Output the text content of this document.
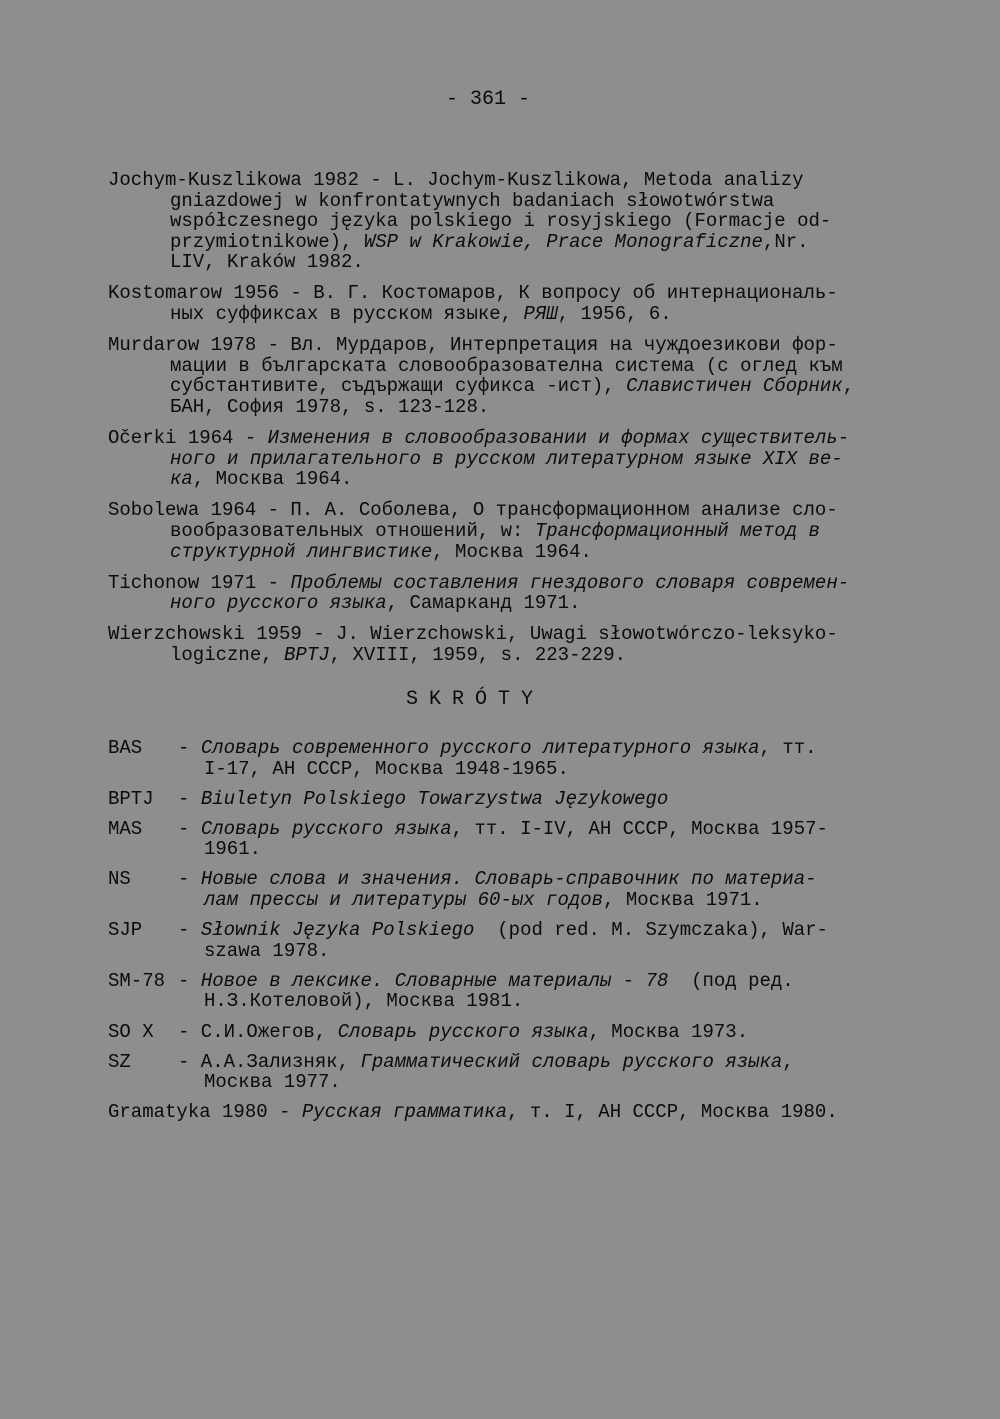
- 361 -
Jochym-Kuszlikowa 1982 - L. Jochym-Kuszlikowa, Metoda analizy
gniazdowej w konfrontatywnych badaniach słowotwórstwa
współczesnego języka polskiego i rosyjskiego (Formacje od-
przymiotnikowe), WSP w Krakowie, Prace Monograficzne,Nr.
LIV, Kraków 1982.
Kostomarow 1956 - В. Г. Костомаров, К вопросу об интернациональ-
ных суффиксах в русском языке, РЯШ, 1956, 6.
Murdarow 1978 - Вл. Мурдаров, Интерпретация на чуждоезикови фор-
мации в българската словообразователна система (с оглед към
субстантивите, съдържащи суфикса -ист), Славистичен Сборник,
БАН, София 1978, s. 123-128.
Očerki 1964 - Изменения в словообразовании и формах существитель-
ного и прилагательного в русском литературном языке XIX ве-
ка, Москва 1964.
Sobolewa 1964 - П. А. Соболева, О трансформационном анализе сло-
вообразовательных отношений, w: Трансформационный метод в
структурной лингвистике, Москва 1964.
Tichonow 1971 - Проблемы составления гнездового словаря современ-
ного русского языка, Самарканд 1971.
Wierzchowski 1959 - J. Wierzchowski, Uwagi słowotwórczo-leksyko-
logiczne, BPTJ, XVIII, 1959, s. 223-229.
SKRÓTY
BAS - Словарь современного русского литературного языка, тт.
I-17, АН СССР, Москва 1948-1965.
BPTJ - Biuletyn Polskiego Towarzystwa Językowego
MAS - Словарь русского языка, тт. I-IV, АН СССР, Москва 1957-
1961.
NS - Новые слова и значения. Словарь-справочник по материа-
лам прессы и литературы 60-ых годов, Москва 1971.
SJP - Słownik Języka Polskiego  (pod red. M. Szymczaka), War-
szawa 1978.
SM-78 - Новое в лексике. Словарные материалы - 78  (под ред.
Н.З.Котеловой), Москва 1981.
SO X - С.И.Ожегов, Словарь русского языка, Москва 1973.
SZ - А.А.Зализняк, Грамматический словарь русского языка,
Москва 1977.
Gramatyka 1980 - Русская грамматика, т. I, АН СССР, Москва 1980.
